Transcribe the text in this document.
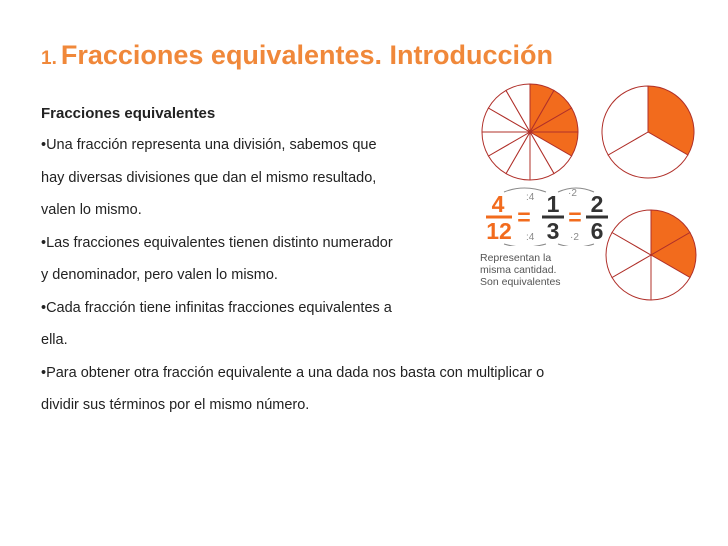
1. Fracciones equivalentes. Introducción

Fracciones equivalentes

•Una fracción representa una división, sabemos que

hay diversas divisiones que dan el mismo resultado,

valen lo mismo.

•Las fracciones equivalentes tienen distinto numerador

y denominador, pero valen lo mismo.

•Cada fracción tiene infinitas fracciones equivalentes a

ella.

•Para obtener otra fracción equivalente a una dada nos basta con multiplicar o

dividir sus términos por el mismo número.

:4	·2
:4	·2
4
12
= 1
3
= 2
6
Representan la
misma cantidad.
Son equivalentes
